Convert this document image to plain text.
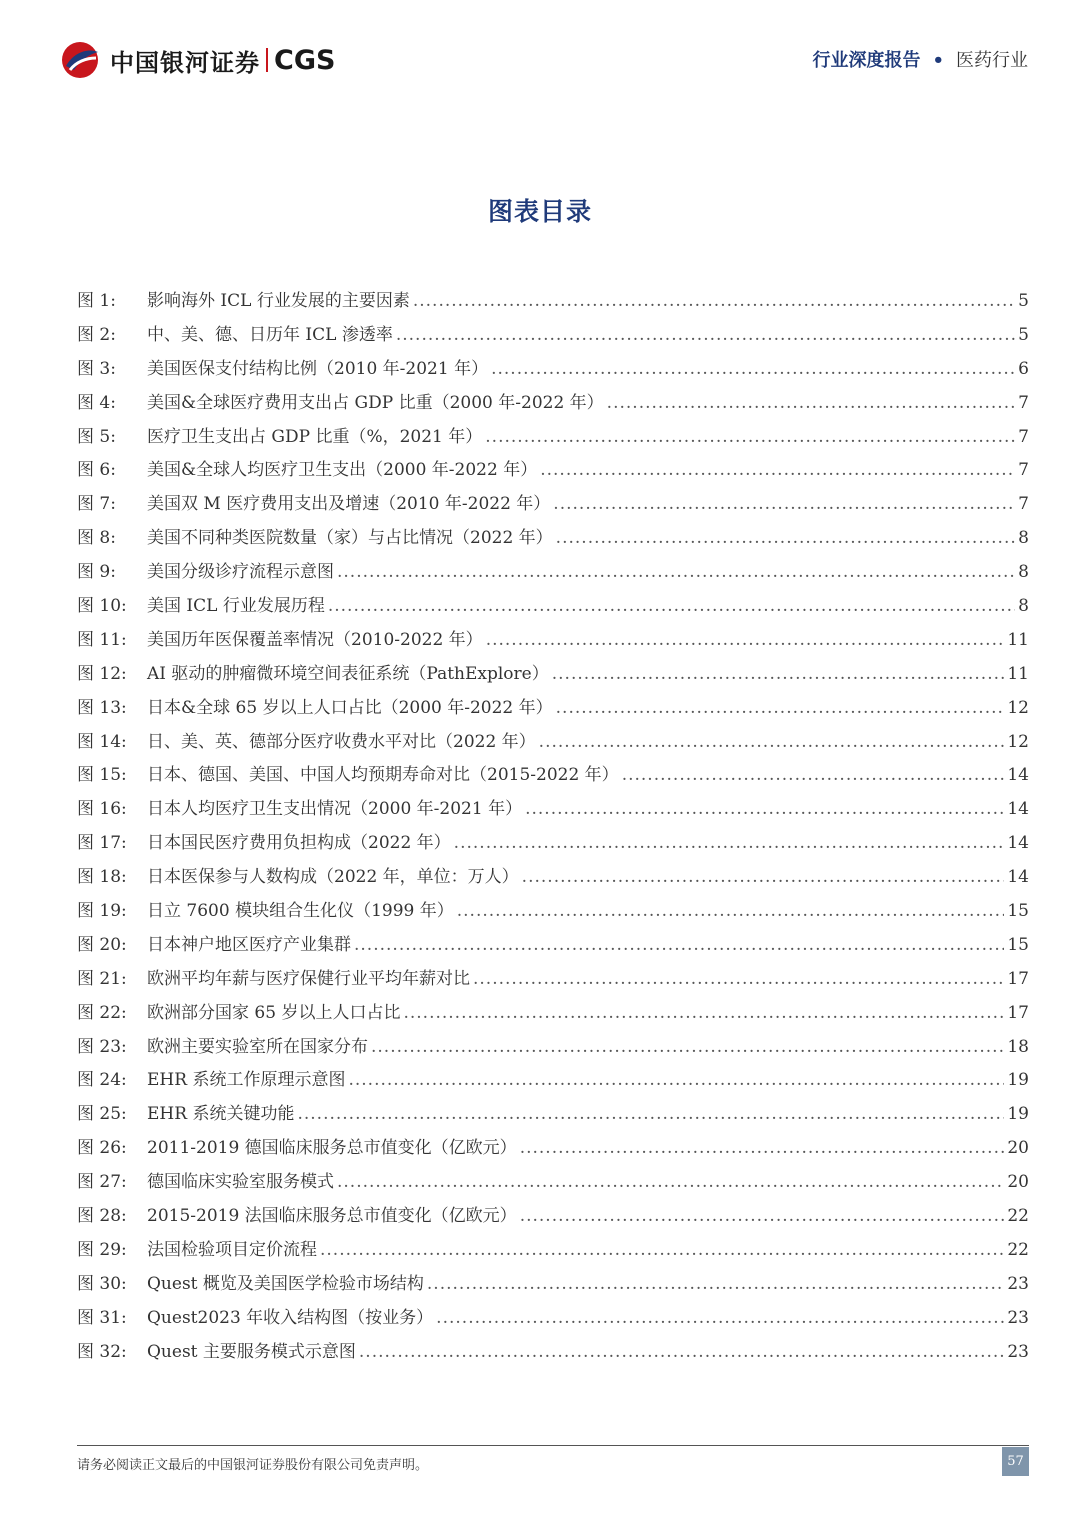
中国银河证券 CGS	行业深度报告 • 医药行业
图表目录
图 1:	影响海外 ICL 行业发展的主要因素 .....	5
图 2:	中、美、德、日历年 ICL 渗透率 .....	5
图 3:	美国医保支付结构比例（2010 年-2021 年） .....	6
图 4:	美国&全球医疗费用支出占 GDP 比重（2000 年-2022 年） .....	7
图 5:	医疗卫生支出占 GDP 比重（%，2021 年） .....	7
图 6:	美国&全球人均医疗卫生支出（2000 年-2022 年） .....	7
图 7:	美国双 M 医疗费用支出及增速（2010 年-2022 年） .....	7
图 8:	美国不同种类医院数量（家）与占比情况（2022 年） .....	8
图 9:	美国分级诊疗流程示意图 .....	8
图 10:	美国 ICL 行业发展历程 .....	8
图 11:	美国历年医保覆盖率情况（2010-2022 年） .....	11
图 12:	AI 驱动的肿瘤微环境空间表征系统（PathExplore） .....	11
图 13:	日本&全球 65 岁以上人口占比（2000 年-2022 年） .....	12
图 14:	日、美、英、德部分医疗收费水平对比（2022 年） .....	12
图 15:	日本、德国、美国、中国人均预期寿命对比（2015-2022 年） .....	14
图 16:	日本人均医疗卫生支出情况（2000 年-2021 年） .....	14
图 17:	日本国民医疗费用负担构成（2022 年） .....	14
图 18:	日本医保参与人数构成（2022 年，单位：万人） .....	14
图 19:	日立 7600 模块组合生化仪（1999 年） .....	15
图 20:	日本神户地区医疗产业集群 .....	15
图 21:	欧洲平均年薪与医疗保健行业平均年薪对比 .....	17
图 22:	欧洲部分国家 65 岁以上人口占比 .....	17
图 23:	欧洲主要实验室所在国家分布 .....	18
图 24:	EHR 系统工作原理示意图 .....	19
图 25:	EHR 系统关键功能 .....	19
图 26:	2011-2019 德国临床服务总市值变化（亿欧元） .....	20
图 27:	德国临床实验室服务模式 .....	20
图 28:	2015-2019 法国临床服务总市值变化（亿欧元） .....	22
图 29:	法国检验项目定价流程 .....	22
图 30:	Quest 概览及美国医学检验市场结构 .....	23
图 31:	Quest2023 年收入结构图（按业务） .....	23
图 32:	Quest 主要服务模式示意图 .....	23
请务必阅读正文最后的中国银河证券股份有限公司免责声明。	57
